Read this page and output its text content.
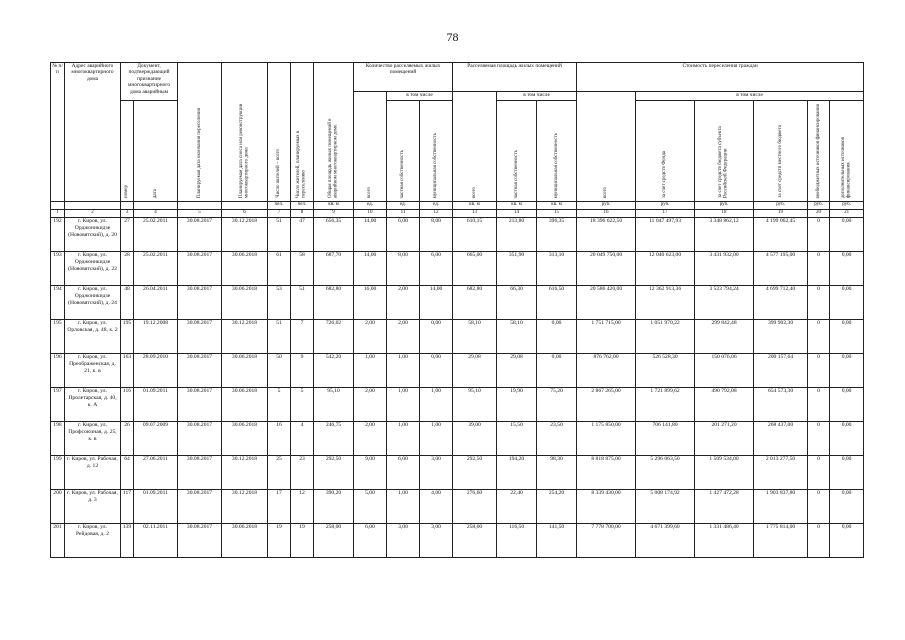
78
№ п/п	Адрес аварийного многоквартирного дома	Документ, подтверждающий признание многоквартирного дома аварийным		Планируемая дата окончания переселения	Планируемая дата сноса или реконструкции многоквартирного дома	Число жителей – всего	Число жителей, планируемых к переселению	Общая площадь жилых помещений в аварийном многоквартирном доме	Количество расселяемых жилых помещений			Расселяемая площадь жилых помещений			Стоимость переселения граждан					
									всего	в том числе		всего	в том числе		всего	в том числе				
		номер	дата							частная собственность	муниципальная собственность		частная собственность	муниципальная собственность		за счет средств Фонда	за счет средств бюджета субъекта Российской Федерации	за счет средств местного бюджета	внебюджетных источников финансирования	дополнительных источников финансирования
						чел.	чел.	кв. м	ед.	ед.	ед.	кв. м	кв. м	кв. м	руб.	руб.	руб.	руб.	руб.	руб.
1	2	3	4	5	6	7	8	9	10	11	12	13	14	15	16	17	18	19	20	21
192	г. Киров, ул. Орджоникидзе (Нововятский), д. 20	27	25.02.2011	30.08.2017	30.12.2018	51	47	656,35	14,00	6,00	8,00	610,15	213,80	396,35	18 396 622,50	11 047 497,93	3 348 862,12	4 199 062,45	0	0,00
193	г. Киров, ул. Орджоникидзе (Нововятский), д. 22	28	25.02.2011	30.08.2017	30.06.2018	61	58	687,70	14,00	8,00	6,00	665,00	351,90	313,10	20 049 750,00	12 040 623,00	3 431 932,00	4 577 195,00	0	0,00
194	г. Киров, ул. Орджоникидзе (Нововятский), д. 24	48	26.04.2011	30.08.2017	30.06.2018	53	51	682,80	16,00	2,00	14,00	682,80	66,30	616,50	20 586 420,00	12 362 913,36	3 523 794,24	4 699 712,40	0	0,00
195	г. Киров, ул. Орловская, д. 48, к. 2	195	19.12.2008	30.08.2017	30.12.2018	51	7	726,02	2,00	2,00	0,00	58,10	58,10	0,00	1 751 715,00	1 051 970,22	299 842,48	399 902,30	0	0,00
196	г. Киров, ул. Преображенская, д. 21, к. в	163	28.09.2010	30.08.2017	30.06.2018	50	9	542,20	1,00	1,00	0,00	29,08	29,08	0,00	876 762,00	526 528,30	150 076,06	200 157,64	0	0,00
197	г. Киров, ул. Пролетарская, д. 40, к. А	116	01.09.2011	30.08.2017	30.06.2018	5	5	95,10	2,00	1,00	1,00	95,10	19,90	75,20	2 867 265,00	1 721 899,62	490 792,08	654 573,30	0	0,00
198	г. Киров, ул. Профсоюзная, д. 25, к. в	26	09.07.2009	30.08.2017	30.06.2018	16	4	246,75	2,00	1,00	1,00	39,00	15,50	23,50	1 175 850,00	706 141,80	201 271,20	268 437,00	0	0,00
199	г. Киров, ул. Рабочая, д. 12	64	27.06.2011	30.08.2017	30.12.2018	25	23	292,50	9,00	6,00	3,00	292,50	194,20	98,30	8 818 875,00	5 296 063,50	1 509 534,00	2 013 277,50	0	0,00
200	г. Киров, ул. Рабочая, д. 3	117	01.09.2011	30.08.2017	30.12.2018	17	12	390,20	5,00	1,00	4,00	276,60	22,40	254,20	8 339 430,00	5 008 174,92	1 427 472,28	1 903 837,80	0	0,00
201	г. Киров, ул. Рейдовая, д. 2	139	02.11.2011	30.08.2017	30.06.2018	19	19	258,00	6,00	3,00	3,00	258,00	116,50	141,50	7 778 700,00	4 671 399,60	1 331 486,40	1 775 814,00	0	0,00
